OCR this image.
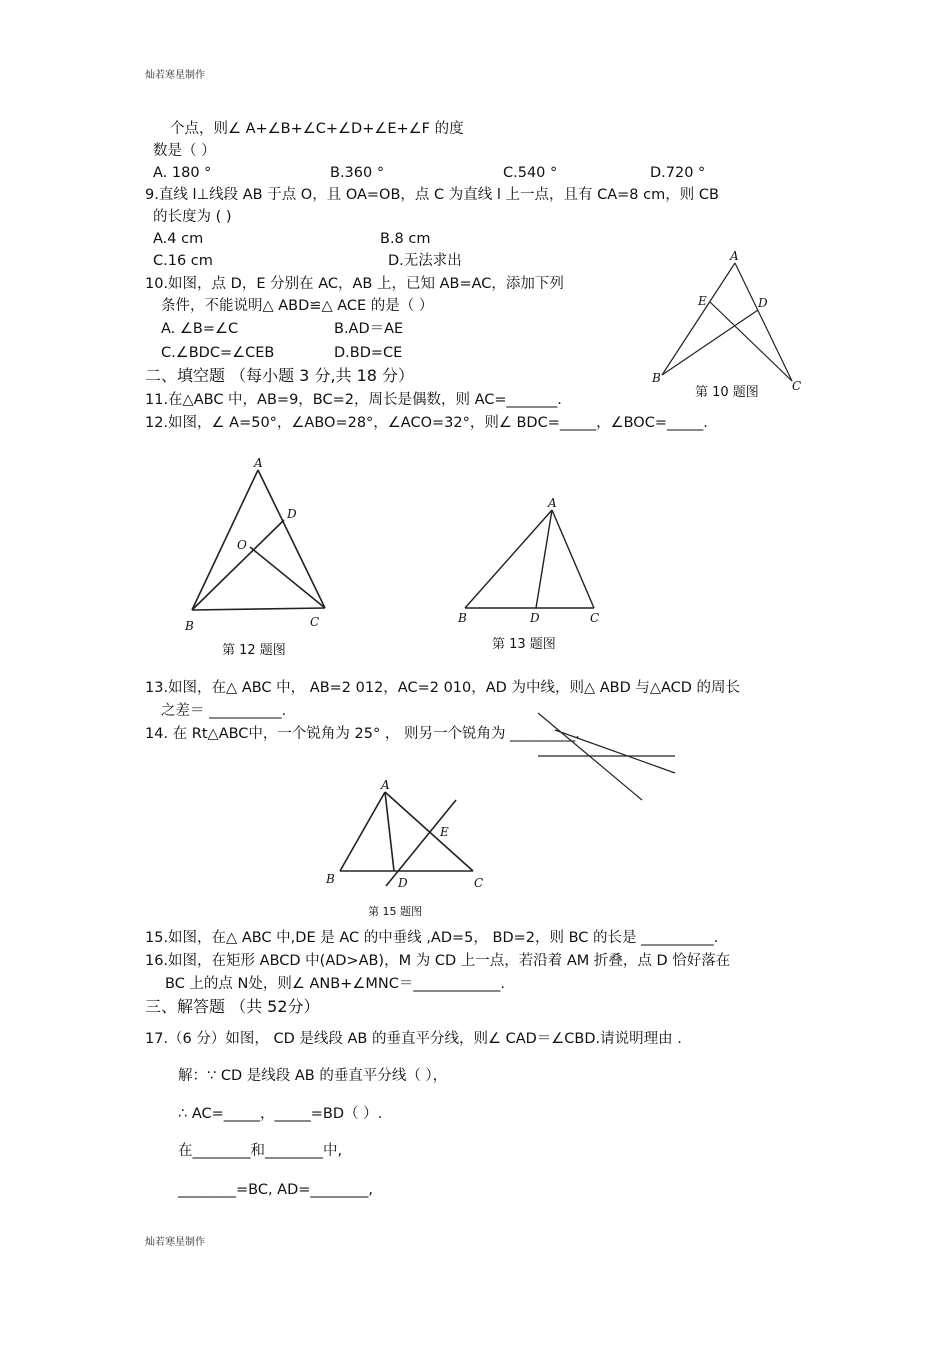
灿若寒星制作
个点，则∠ A+∠B+∠C+∠D+∠E+∠F 的度
数是（ ）
A. 180 °	B.360 °	C.540 °	D.720 °
9.直线 l⊥线段 AB 于点 O，且 OA=OB，点 C 为直线 l 上一点，且有 CA=8 cm，则 CB
的长度为 ( )
A.4 cm	B.8 cm
C.16 cm	D.无法求出
10.如图，点 D，E 分别在 AC，AB 上，已知 AB=AC，添加下列
条件，不能说明△ ABD≌△ ACE 的是（ ）
A. ∠B=∠C	B.AD＝AE
C.∠BDC=∠CEB	D.BD=CE
A
E	D
B
C
第 10 题图
二、填空题 （每小题 3 分,共 18 分）
11.在△ABC 中，AB=9，BC=2，周长是偶数，则 AC=_______.
12.如图，∠ A=50°，∠ABO=28°，∠ACO=32°，则∠ BDC=_____，∠BOC=_____.
A
D
O
B	C
第 12 题图
A
B	D	C
第 13 题图
13.如图，在△ ABC 中， AB=2 012，AC=2 010，AD 为中线，则△ ABD 与△ACD 的周长
之差＝ __________.
14. 在 Rt△ABC中，一个锐角为 25° ， 则另一个锐角为 _________.
A
E
B	D	C
第 15 题图
15.如图，在△ ABC 中,DE 是 AC 的中垂线 ,AD=5， BD=2，则 BC 的长是 __________.
16.如图，在矩形 ABCD 中(AD>AB)，M 为 CD 上一点，若沿着 AM 折叠，点 D 恰好落在
BC 上的点 N处，则∠ ANB+∠MNC＝____________.
三、解答题 （共 52分）
17.（6 分）如图， CD 是线段 AB 的垂直平分线，则∠ CAD＝∠CBD.请说明理由 .
解：∵ CD 是线段 AB 的垂直平分线（ ），
∴ AC=_____，_____=BD（ ）.
在________和________中,
________=BC, AD=________,
灿若寒星制作
